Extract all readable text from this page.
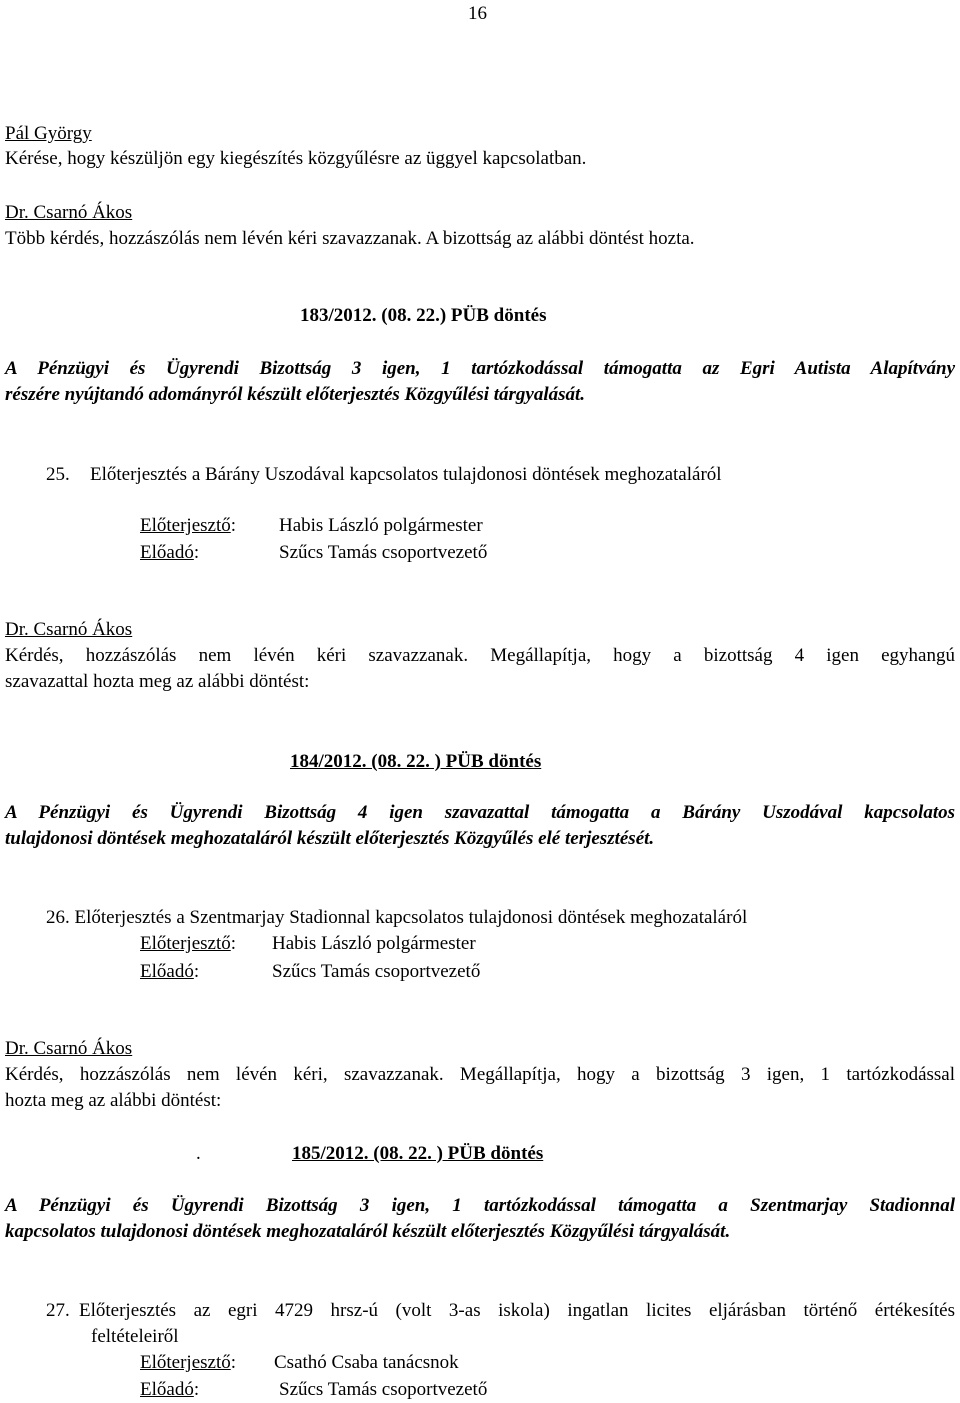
16
Pál György
Kérése, hogy készüljön egy kiegészítés közgyűlésre az üggyel kapcsolatban.
Dr. Csarnó Ákos
Több kérdés, hozzászólás nem lévén kéri szavazzanak. A bizottság az alábbi döntést hozta.
183/2012. (08. 22.) PÜB döntés
A Pénzügyi és Ügyrendi Bizottság 3 igen, 1 tartózkodással támogatta az Egri Autista Alapítvány
részére nyújtandó adományról készült előterjesztés Közgyűlési tárgyalását.
25. Előterjesztés a Bárány Uszodával kapcsolatos tulajdonosi döntések meghozataláról
Előterjesztő: Habis László polgármester
Előadó:	Szűcs Tamás csoportvezető
Dr. Csarnó Ákos
Kérdés, hozzászólás nem lévén kéri szavazzanak. Megállapítja, hogy a bizottság 4 igen egyhangú
szavazattal hozta meg az alábbi döntést:
184/2012. (08. 22. ) PÜB döntés
A Pénzügyi és Ügyrendi Bizottság 4 igen szavazattal támogatta a Bárány Uszodával kapcsolatos
tulajdonosi döntések meghozataláról készült előterjesztés Közgyűlés elé terjesztését.
26. Előterjesztés a Szentmarjay Stadionnal kapcsolatos tulajdonosi döntések meghozataláról
Előterjesztő: Habis László polgármester
Előadó:	Szűcs Tamás csoportvezető
Dr. Csarnó Ákos
Kérdés, hozzászólás nem lévén kéri, szavazzanak. Megállapítja, hogy a bizottság 3 igen, 1 tartózkodással
hozta meg az alábbi döntést:
.	185/2012. (08. 22. ) PÜB döntés
A Pénzügyi és Ügyrendi Bizottság 3 igen, 1 tartózkodással támogatta a Szentmarjay Stadionnal
kapcsolatos tulajdonosi döntések meghozataláról készült előterjesztés Közgyűlési tárgyalását.
27. Előterjesztés az egri 4729 hrsz-ú (volt 3-as iskola) ingatlan licites eljárásban történő értékesítés
feltételeiről
Előterjesztő: Csathó Csaba tanácsnok
Előadó:	Szűcs Tamás csoportvezető
